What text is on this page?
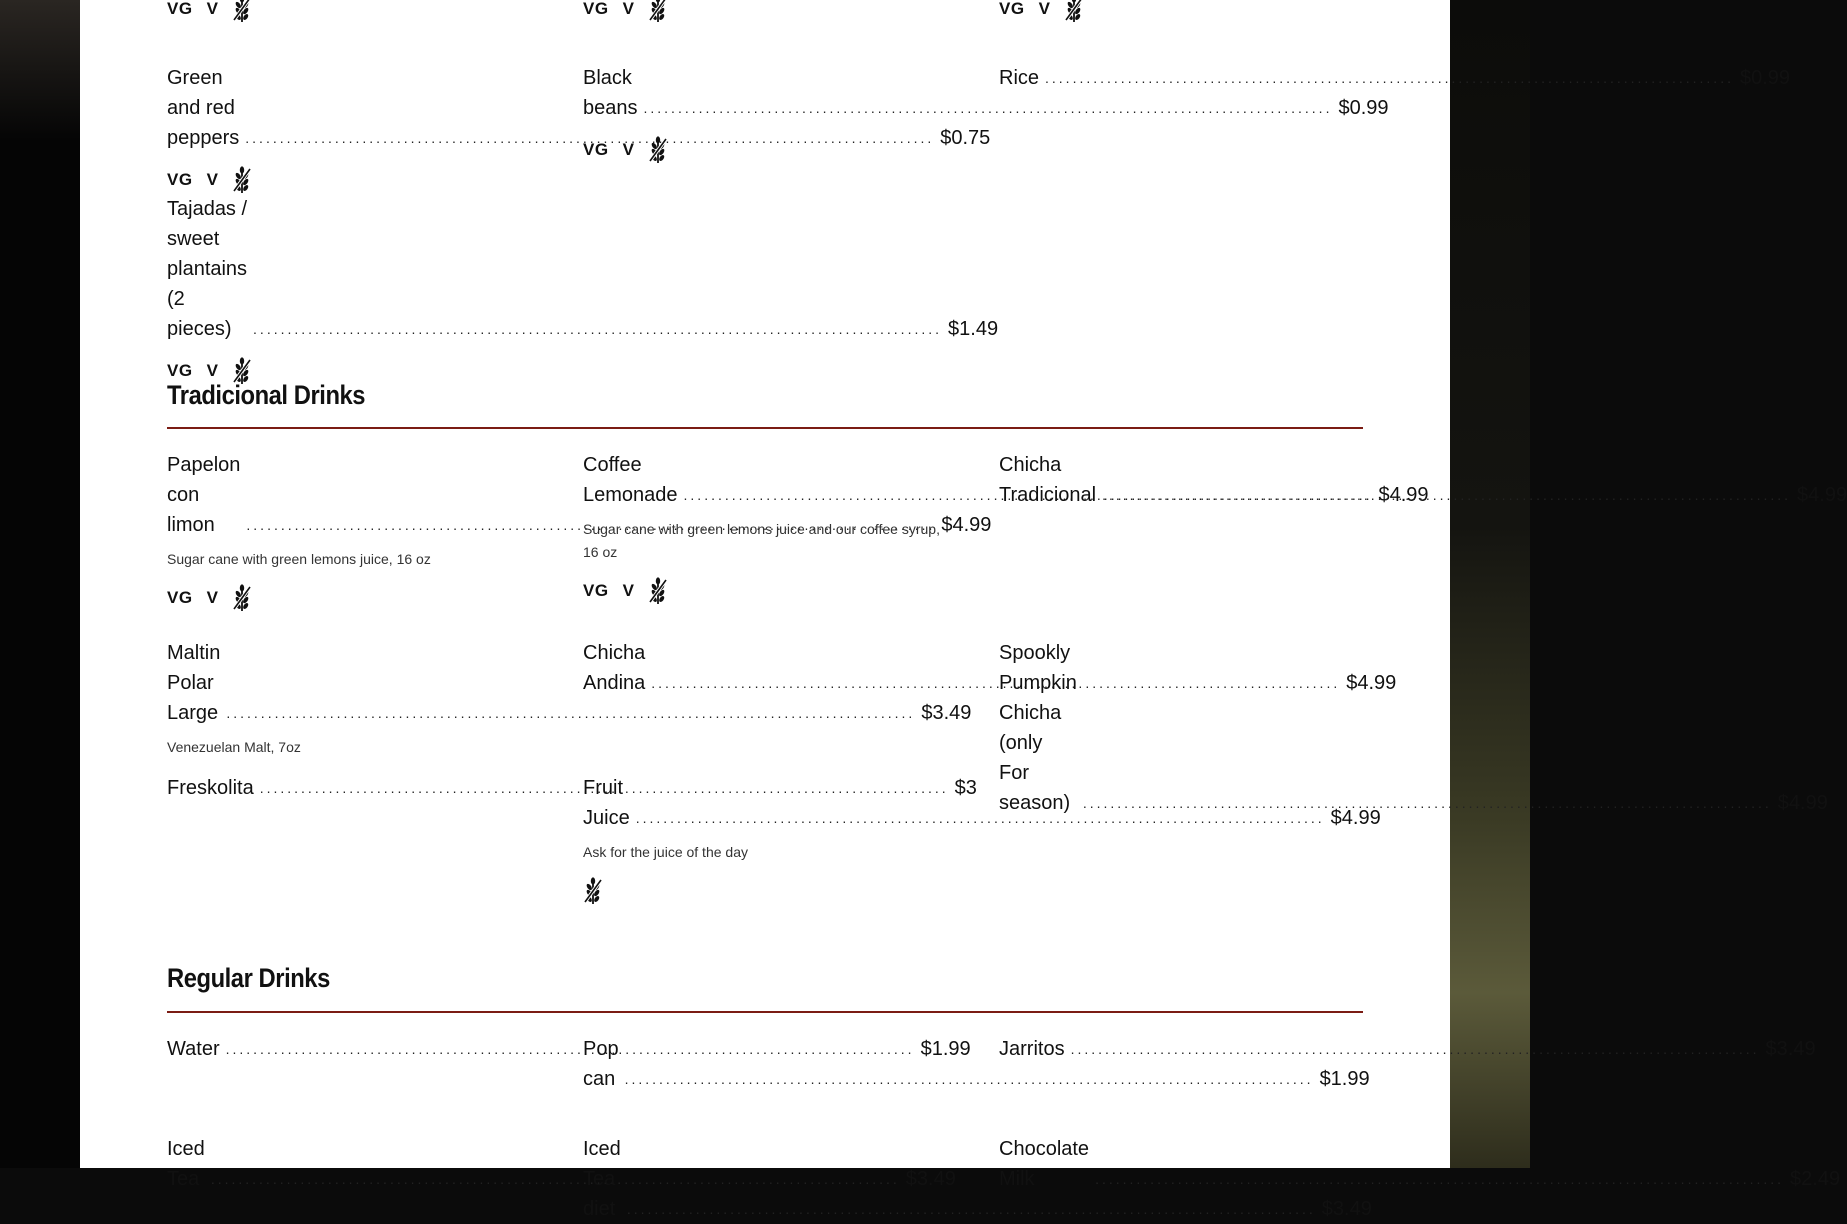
VG V	VG V	VG V
Green and red peppers .....	$0.75
VG V
Black beans .....	$0.99
VG V
Rice .....	$0.99
Tajadas / sweet plantains (2 pieces) .....	$1.49
VG V
Tradicional Drinks
Papelon con limon .....	$4.99
Sugar cane with green lemons juice, 16 oz
VG V
Coffee Lemonade .....	$4.99
Sugar cane with green lemons juice and our coffee syrup, 16 oz
VG V
Chicha Tradicional .....	$4.99
Maltin Polar Large .....	$3.49
Venezuelan Malt, 7oz
Chicha Andina .....	$4.99
Spookly Pumpkin Chicha (only For season) .....	$4.99
Freskolita .....	$3
Fruit Juice .....	$4.99
Ask for the juice of the day
Regular Drinks
Water .....	$1.99
Pop can .....	$1.99
Jarritos .....	$3.49
Iced Tea .....	$3.49
Iced Tea diet .....	$3.49
Chocolate Milk .....	$2.49
